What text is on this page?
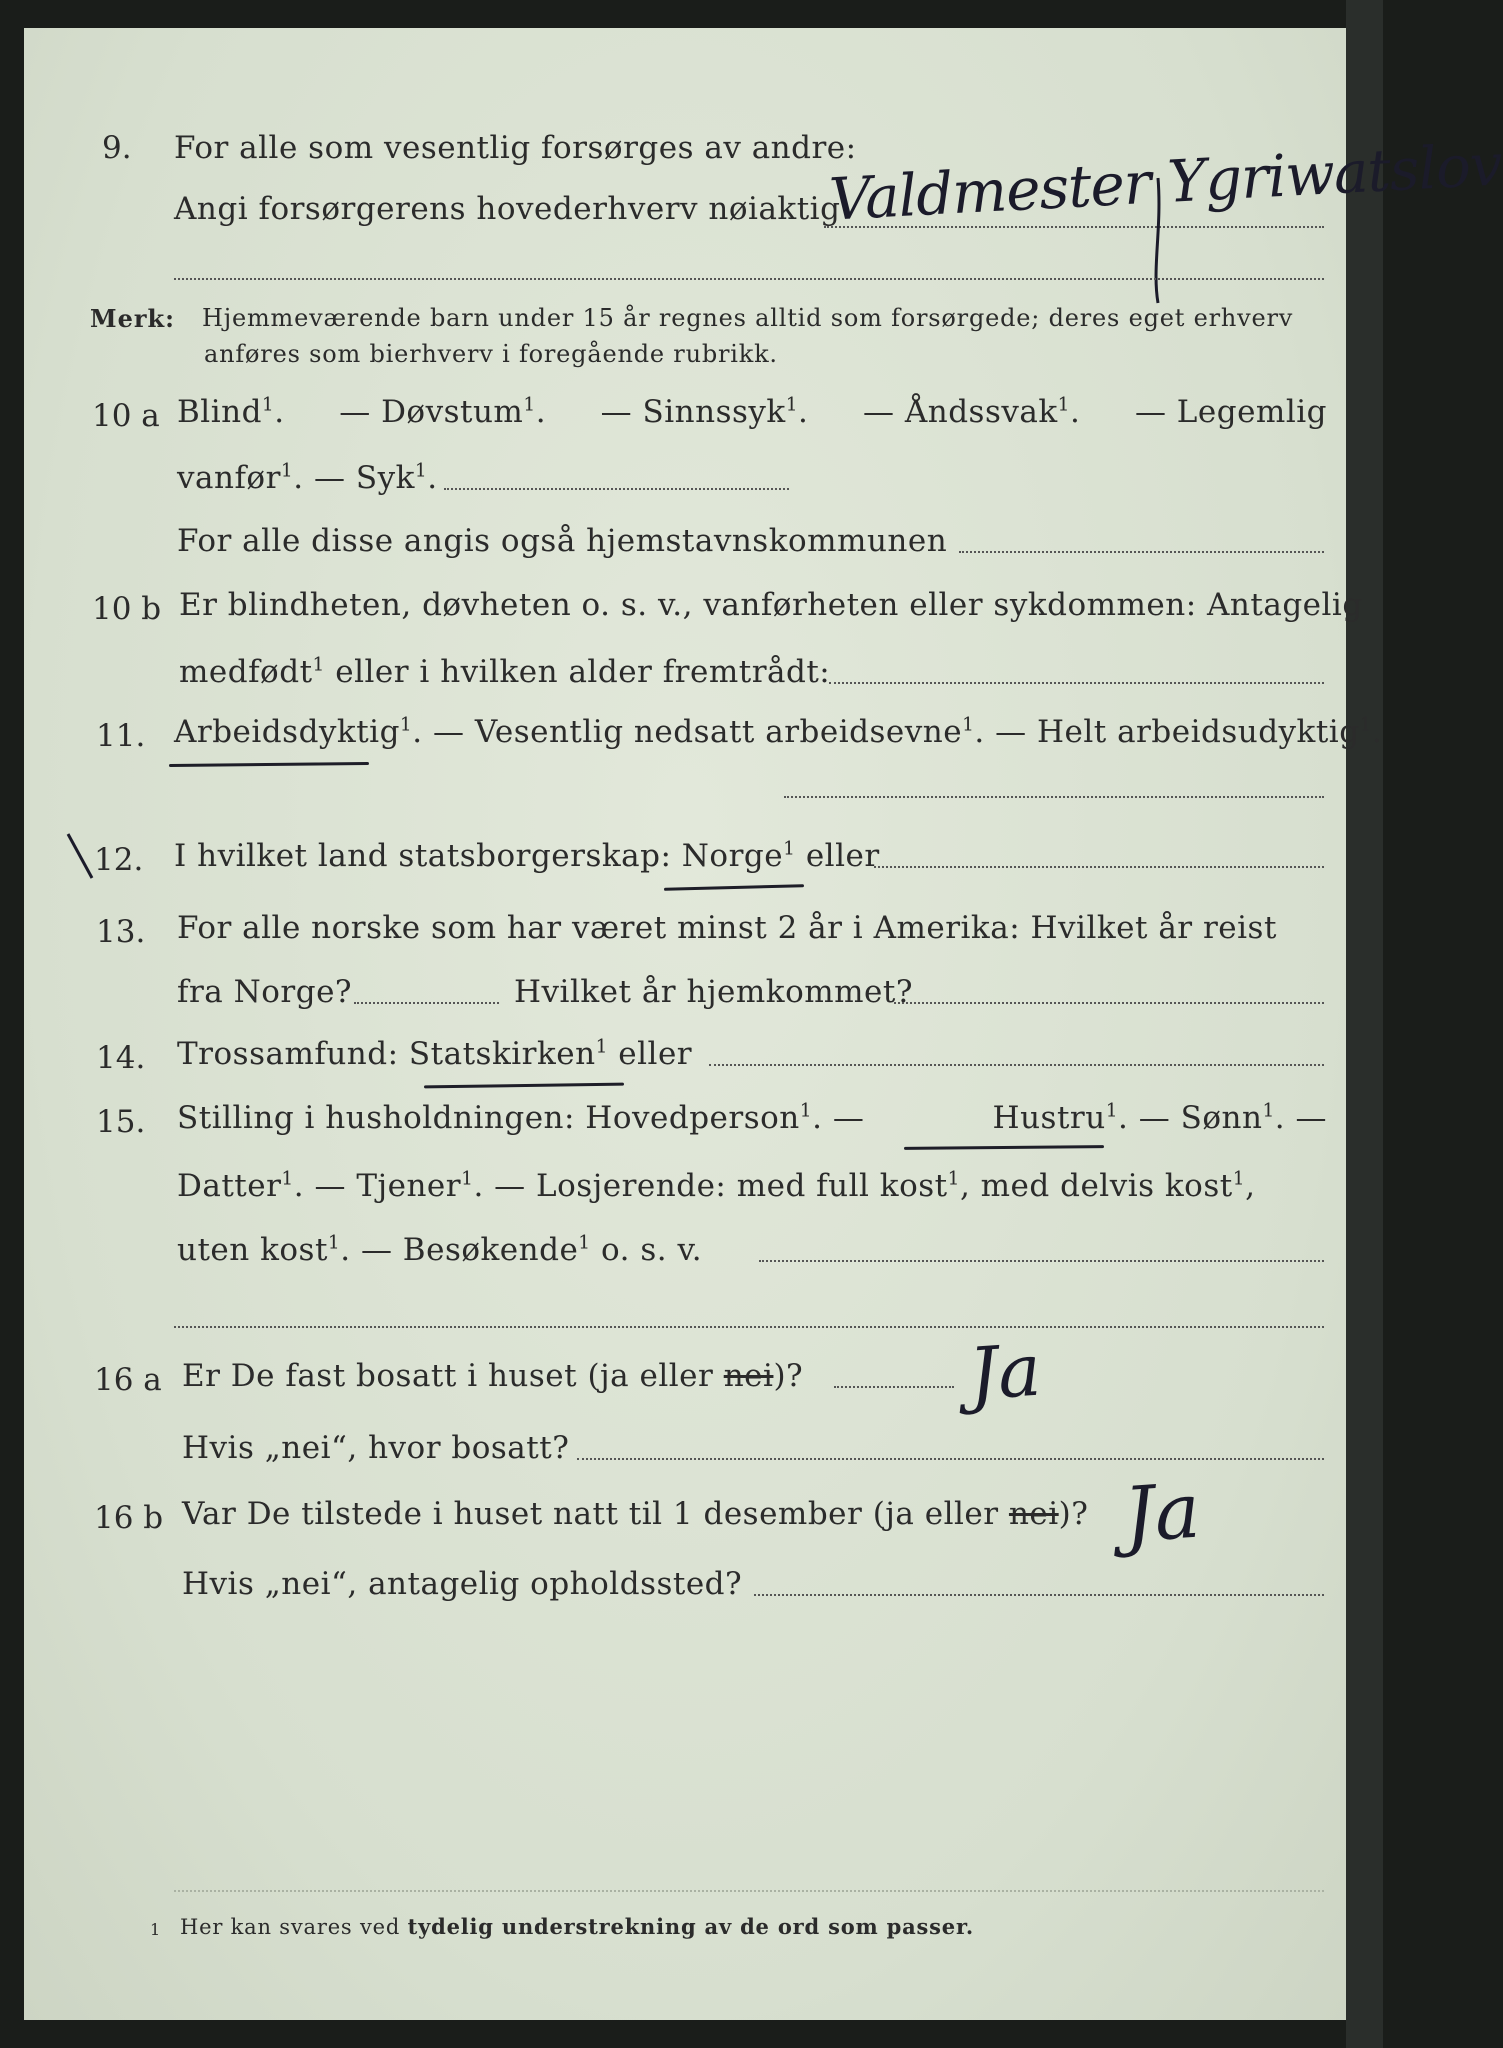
9. For alle som vesentlig forsørges av andre:
Angi forsørgerens hovederhverv nøiaktig
Valdmester Ygriwatslov
Merk: Hjemmeværende barn under 15 år regnes alltid som forsørgede; deres eget erhverv
anføres som bierhverv i foregående rubrikk.
10 a Blind$^1$. — Døvstum$^1$. — Sinnssyk$^1$. — Åndssvak$^1$. — Legemlig
vanfør$^1$. — Syk$^1$.
For alle disse angis også hjemstavnskommunen
10 b Er blindheten, døvheten o. s. v., vanførheten eller sykdommen: Antagelig
medfødt$^1$ eller i hvilken alder fremtrådt:
11. Arbeidsdyktig$^1$. — Vesentlig nedsatt arbeidsevne$^1$. — Helt arbeidsudyktig$^1$.
12. I hvilket land statsborgerskap: Norge$^1$ eller
13. For alle norske som har været minst 2 år i Amerika: Hvilket år reist
fra Norge?	Hvilket år hjemkommet?
14. Trossamfund: Statskirken$^1$ eller
15. Stilling i husholdningen: Hovedperson$^1$. —	Hustru$^1$. — Sønn$^1$. —
Datter$^1$. — Tjener$^1$. — Losjerende: med full kost$^1$, med delvis kost$^1$,
uten kost$^1$. — Besøkende$^1$ o. s. v.
16 a Er De fast bosatt i huset (ja eller nei)? Ja
Hvis „nei“, hvor bosatt?
16 b Var De tilstede i huset natt til 1 desember (ja eller nei)? Ja
Hvis „nei“, antagelig opholdssted?
1 Her kan svares ved tydelig understrekning av de ord som passer.
